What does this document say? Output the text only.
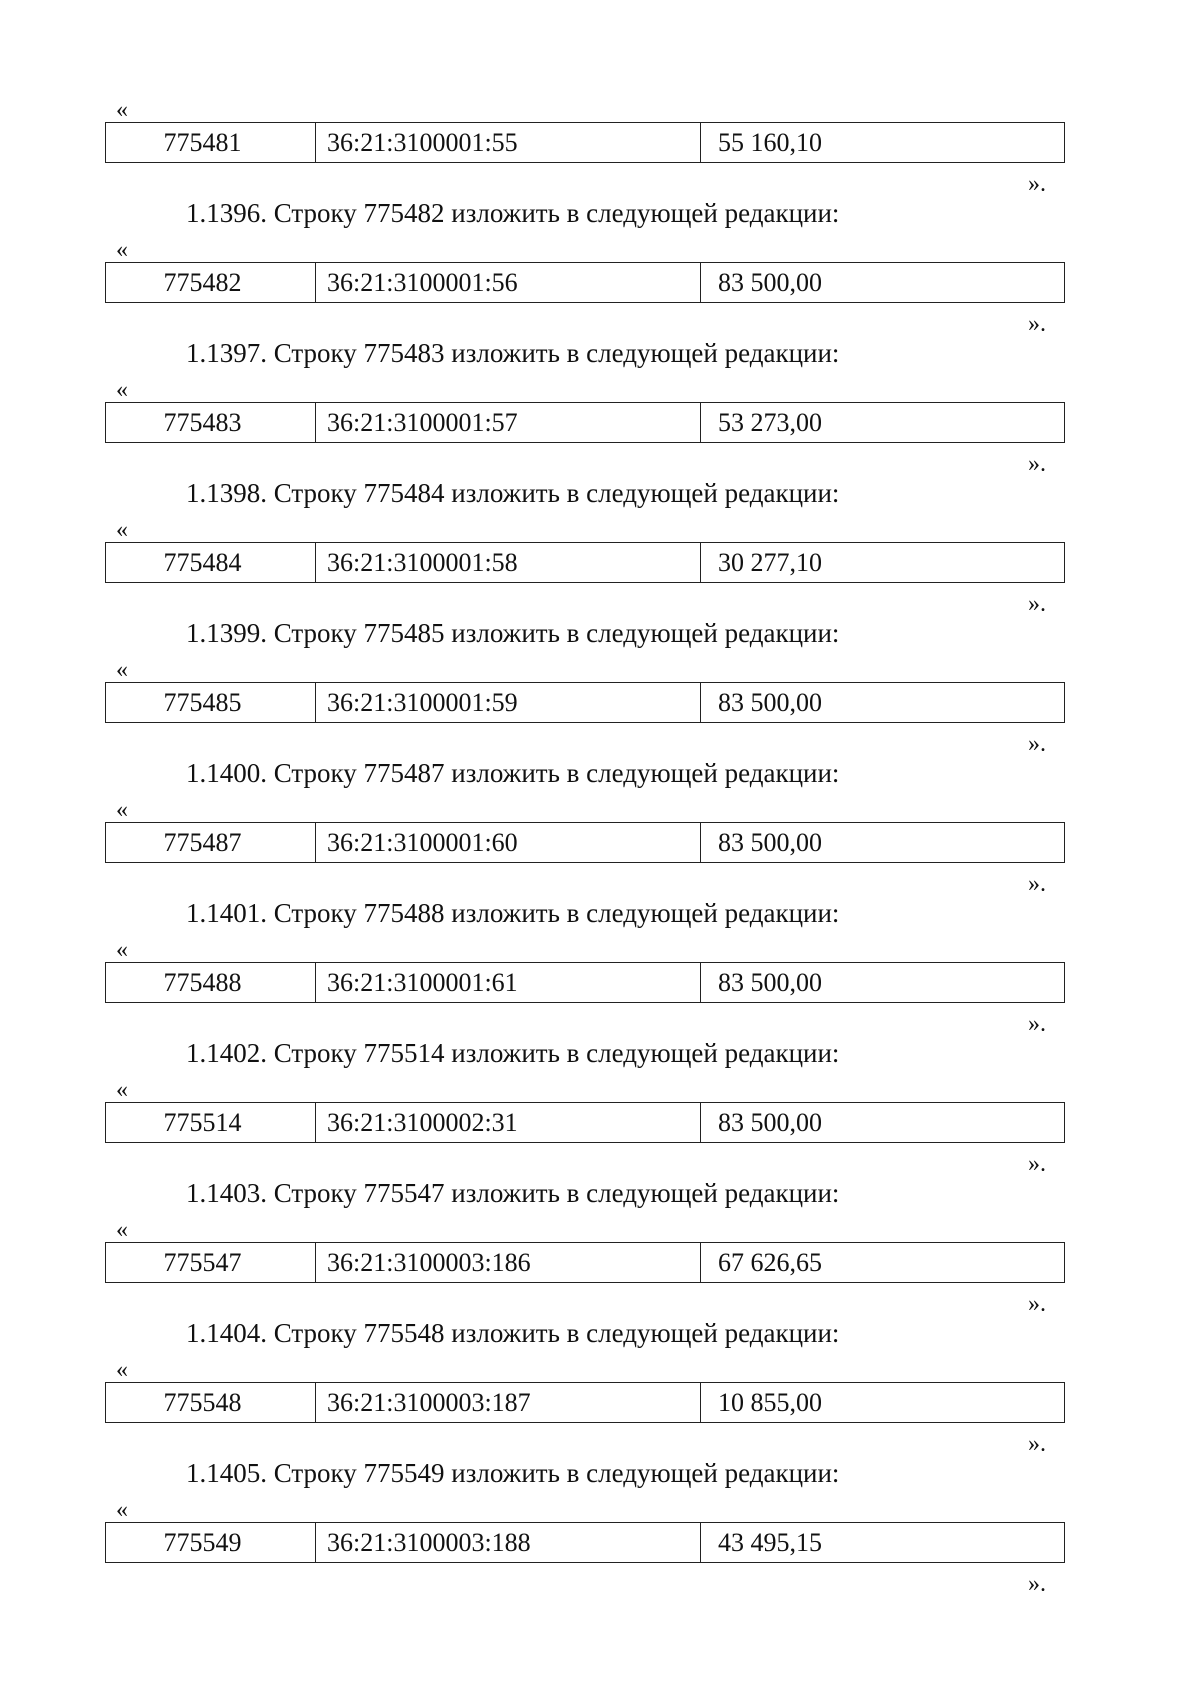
«
775481	36:21:3100001:55	55 160,10
».
1.1396. Строку 775482 изложить в следующей редакции:
«
775482	36:21:3100001:56	83 500,00
».
1.1397. Строку 775483 изложить в следующей редакции:
«
775483	36:21:3100001:57	53 273,00
».
1.1398. Строку 775484 изложить в следующей редакции:
«
775484	36:21:3100001:58	30 277,10
».
1.1399. Строку 775485 изложить в следующей редакции:
«
775485	36:21:3100001:59	83 500,00
».
1.1400. Строку 775487 изложить в следующей редакции:
«
775487	36:21:3100001:60	83 500,00
».
1.1401. Строку 775488 изложить в следующей редакции:
«
775488	36:21:3100001:61	83 500,00
».
1.1402. Строку 775514 изложить в следующей редакции:
«
775514	36:21:3100002:31	83 500,00
».
1.1403. Строку 775547 изложить в следующей редакции:
«
775547	36:21:3100003:186	67 626,65
».
1.1404. Строку 775548 изложить в следующей редакции:
«
775548	36:21:3100003:187	10 855,00
».
1.1405. Строку 775549 изложить в следующей редакции:
«
775549	36:21:3100003:188	43 495,15
».
